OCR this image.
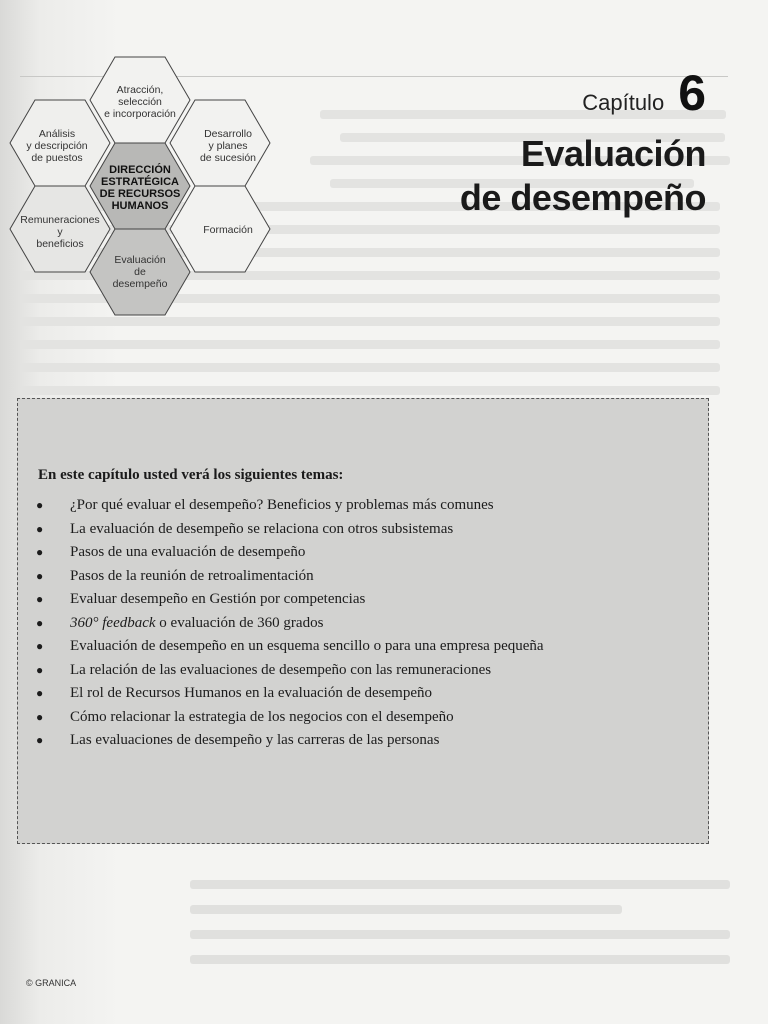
Atracción,
selección
e incorporación
Análisis
y descripción
de puestos
Desarrollo
y planes
de sucesión
DIRECCIÓN
ESTRATÉGICA
DE RECURSOS
HUMANOS
Remuneraciones
y
beneficios
Formación
Evaluación
de
desempeño
Capítulo 6
Evaluación
de desempeño
En este capítulo usted verá los siguientes temas:
●	¿Por qué evaluar el desempeño? Beneficios y problemas más comunes
●	La evaluación de desempeño se relaciona con otros subsistemas
●	Pasos de una evaluación de desempeño
●	Pasos de la reunión de retroalimentación
●	Evaluar desempeño en Gestión por competencias
●	360° feedback o evaluación de 360 grados
●	Evaluación de desempeño en un esquema sencillo o para una empresa pequeña
●	La relación de las evaluaciones de desempeño con las remuneraciones
●	El rol de Recursos Humanos en la evaluación de desempeño
●	Cómo relacionar la estrategia de los negocios con el desempeño
●	Las evaluaciones de desempeño y las carreras de las personas
© GRANICA
